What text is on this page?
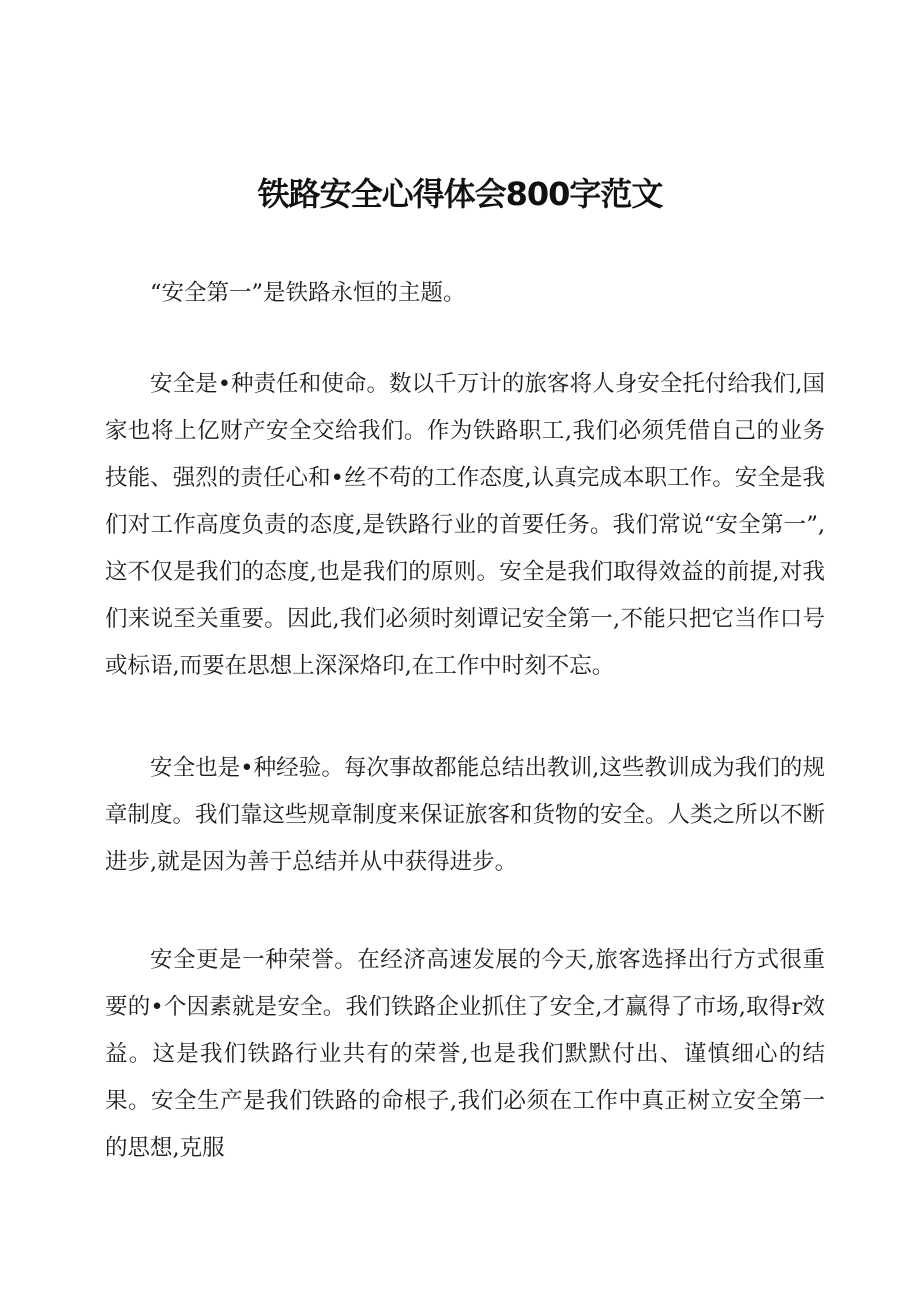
铁路安全心得体会800字范文

“安全第一”是铁路永恒的主题。

安全是•种责任和使命。数以千万计的旅客将人身安全托付给我们,国家也将上亿财产安全交给我们。作为铁路职工,我们必须凭借自己的业务技能、强烈的责任心和•丝不苟的工作态度,认真完成本职工作。安全是我们对工作高度负责的态度,是铁路行业的首要任务。我们常说“安全第一”,这不仅是我们的态度,也是我们的原则。安全是我们取得效益的前提,对我们来说至关重要。因此,我们必须时刻谭记安全第一,不能只把它当作口号或标语,而要在思想上深深烙印,在工作中时刻不忘。

安全也是•种经验。每次事故都能总结出教训,这些教训成为我们的规章制度。我们靠这些规章制度来保证旅客和货物的安全。人类之所以不断进步,就是因为善于总结并从中获得进步。

安全更是一种荣誉。在经济高速发展的今天,旅客选择出行方式很重要的•个因素就是安全。我们铁路企业抓住了安全,才赢得了市场,取得r效益。这是我们铁路行业共有的荣誉,也是我们默默付出、谨慎细心的结果。安全生产是我们铁路的命根子,我们必须在工作中真正树立安全第一的思想,克服
